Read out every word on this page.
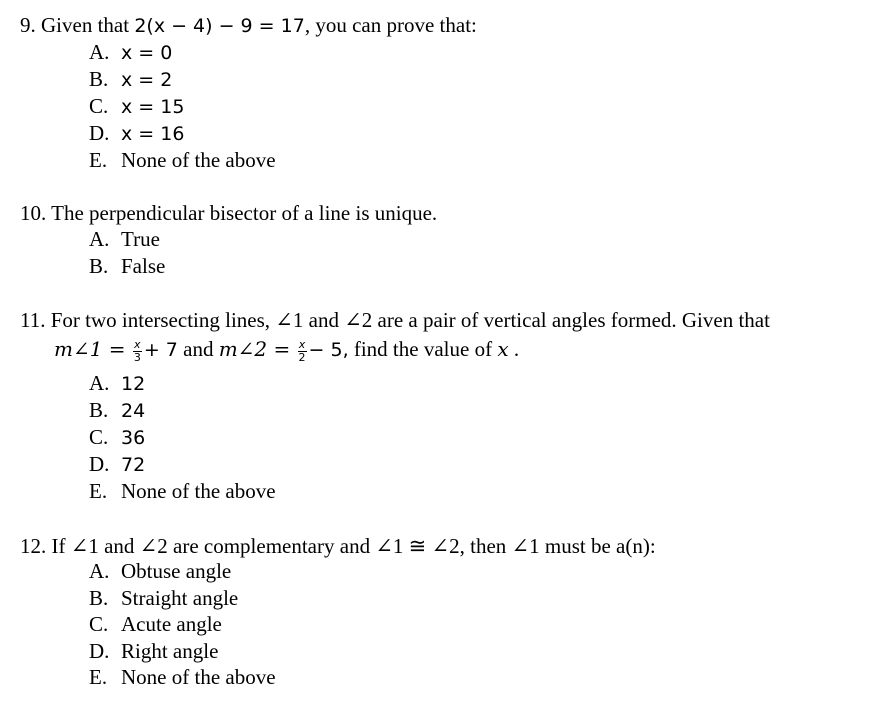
9. Given that 2(x − 4) − 9 = 17, you can prove that:
A. x = 0
B. x = 2
C. x = 15
D. x = 16
E. None of the above
10. The perpendicular bisector of a line is unique.
A. True
B. False
11. For two intersecting lines, ∠1 and ∠2 are a pair of vertical angles formed. Given that
m∠1 = $\frac{x}{3} + 7$ and m∠2 = $\frac{x}{2} - 5$, find the value of x .
A. 12
B. 24
C. 36
D. 72
E. None of the above
12. If ∠1 and ∠2 are complementary and ∠1 ≅ ∠2, then ∠1 must be a(n):
A. Obtuse angle
B. Straight angle
C. Acute angle
D. Right angle
E. None of the above
